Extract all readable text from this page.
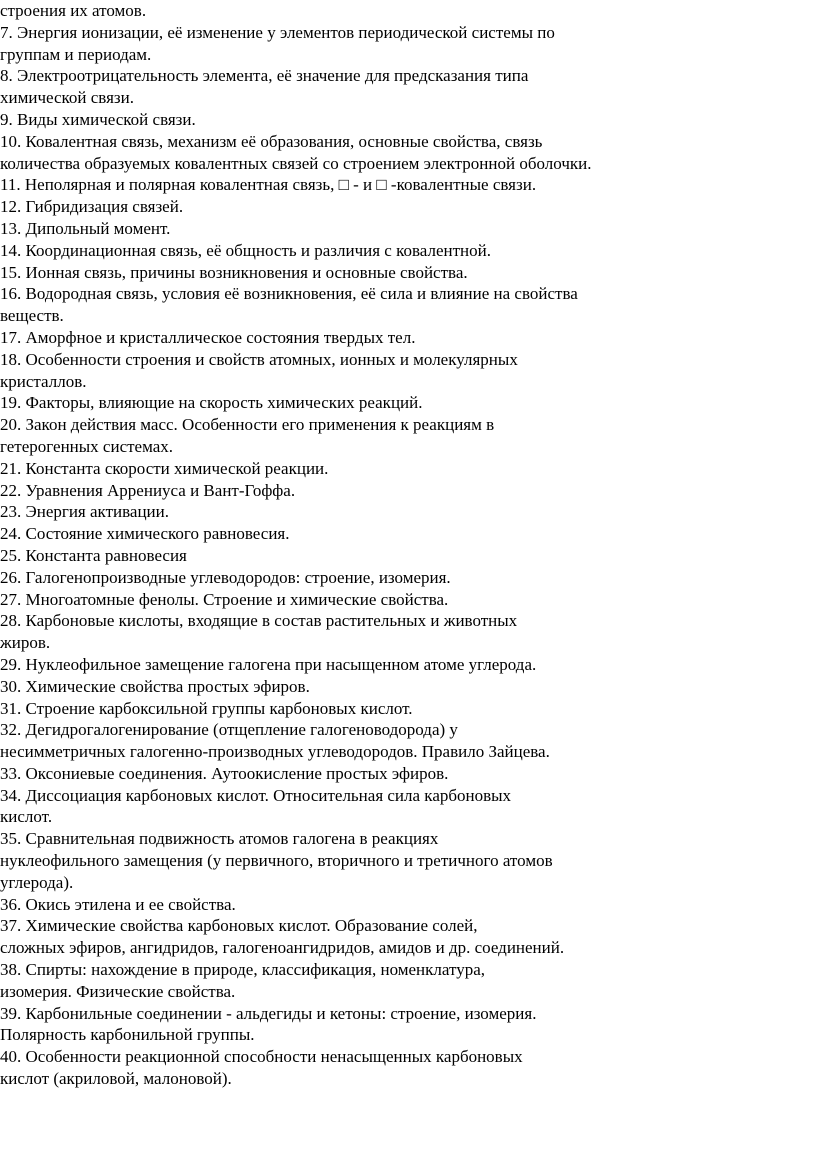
строения их атомов.
7. Энергия ионизации, её изменение у элементов периодической системы по
группам и периодам.
8. Электроотрицательность элемента, её значение для предсказания типа
химической связи.
9. Виды химической связи.
10. Ковалентная связь, механизм её образования, основные свойства, связь
количества образуемых ковалентных связей со строением электронной оболочки.
11. Неполярная и полярная ковалентная связь, □ - и □ -ковалентные связи.
12. Гибридизация связей.
13. Дипольный момент.
14. Координационная связь, её общность и различия с ковалентной.
15. Ионная связь, причины возникновения и основные свойства.
16. Водородная связь, условия её возникновения, её сила и влияние на свойства
веществ.
17. Аморфное и кристаллическое состояния твердых тел.
18. Особенности строения и свойств атомных, ионных и молекулярных
кристаллов.
19. Факторы, влияющие на скорость химических реакций.
20. Закон действия масс. Особенности его применения к реакциям в
гетерогенных системах.
21. Константа скорости химической реакции.
22. Уравнения Аррениуса и Вант-Гоффа.
23. Энергия активации.
24. Состояние химического равновесия.
25. Константа равновесия
26. Галогенопроизводные углеводородов: строение, изомерия.
27. Многоатомные фенолы. Строение и химические свойства.
28. Карбоновые кислоты, входящие в состав растительных и животных
жиров.
29. Нуклеофильное замещение галогена при насыщенном атоме углерода.
30. Химические свойства простых эфиров.
31. Строение карбоксильной группы карбоновых кислот.
32. Дегидрогалогенирование (отщепление галогеноводорода) у
несимметричных галогенно-производных углеводородов. Правило Зайцева.
33. Оксониевые соединения. Аутоокисление простых эфиров.
34. Диссоциация карбоновых кислот. Относительная сила карбоновых
кислот.
35. Сравнительная подвижность атомов галогена в реакциях
нуклеофильного замещения (у первичного, вторичного и третичного атомов
углерода).
36. Окись этилена и ее свойства.
37. Химические свойства карбоновых кислот. Образование солей,
сложных эфиров, ангидридов, галогеноангидридов, амидов и др. соединений.
38. Спирты: нахождение в природе, классификация, номенклатура,
изомерия. Физические свойства.
39. Карбонильные соединении - альдегиды и кетоны: строение, изомерия.
Полярность карбонильной группы.
40. Особенности реакционной способности ненасыщенных карбоновых
кислот (акриловой, малоновой).
